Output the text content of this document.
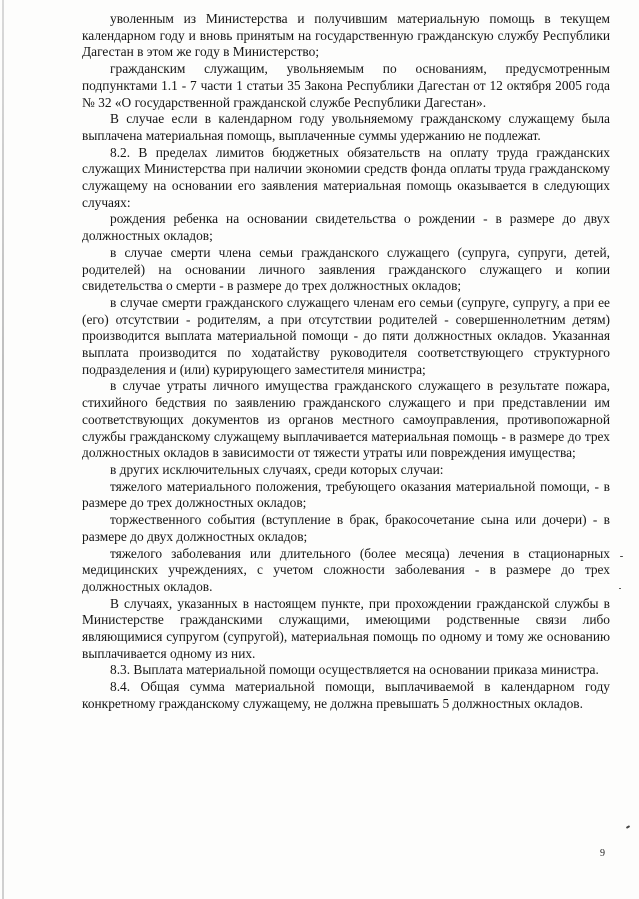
уволенным из Министерства и получившим материальную помощь в текущем календарном году и вновь принятым на государственную гражданскую службу Республики Дагестан в этом же году в Министерство;

гражданским служащим, увольняемым по основаниям, предусмотренным подпунктами 1.1 - 7 части 1 статьи 35 Закона Республики Дагестан от 12 октября 2005 года № 32 «О государственной гражданской службе Республики Дагестан».

В случае если в календарном году увольняемому гражданскому служащему была выплачена материальная помощь, выплаченные суммы удержанию не подлежат.

8.2. В пределах лимитов бюджетных обязательств на оплату труда гражданских служащих Министерства при наличии экономии средств фонда оплаты труда гражданскому служащему на основании его заявления материальная помощь оказывается в следующих случаях:

рождения ребенка на основании свидетельства о рождении - в размере до двух должностных окладов;

в случае смерти члена семьи гражданского служащего (супруга, супруги, детей, родителей) на основании личного заявления гражданского служащего и копии свидетельства о смерти - в размере до трех должностных окладов;

в случае смерти гражданского служащего членам его семьи (супруге, супругу, а при ее (его) отсутствии - родителям, а при отсутствии родителей - совершеннолетним детям) производится выплата материальной помощи - до пяти должностных окладов. Указанная выплата производится по ходатайству руководителя соответствующего структурного подразделения и (или) курирующего заместителя министра;

в случае утраты личного имущества гражданского служащего в результате пожара, стихийного бедствия по заявлению гражданского служащего и при представлении им соответствующих документов из органов местного самоуправления, противопожарной службы гражданскому служащему выплачивается материальная помощь - в размере до трех должностных окладов в зависимости от тяжести утраты или повреждения имущества;

в других исключительных случаях, среди которых случаи:

тяжелого материального положения, требующего оказания материальной помощи, - в размере до трех должностных окладов;

торжественного события (вступление в брак, бракосочетание сына или дочери) - в размере до двух должностных окладов;

тяжелого заболевания или длительного (более месяца) лечения в стационарных медицинских учреждениях, с учетом сложности заболевания - в размере до трех должностных окладов.

В случаях, указанных в настоящем пункте, при прохождении гражданской службы в Министерстве гражданскими служащими, имеющими родственные связи либо являющимися супругом (супругой), материальная помощь по одному и тому же основанию выплачивается одному из них.

8.3. Выплата материальной помощи осуществляется на основании приказа министра.

8.4. Общая сумма материальной помощи, выплачиваемой в календарном году конкретному гражданскому служащему, не должна превышать 5 должностных окладов.

9
